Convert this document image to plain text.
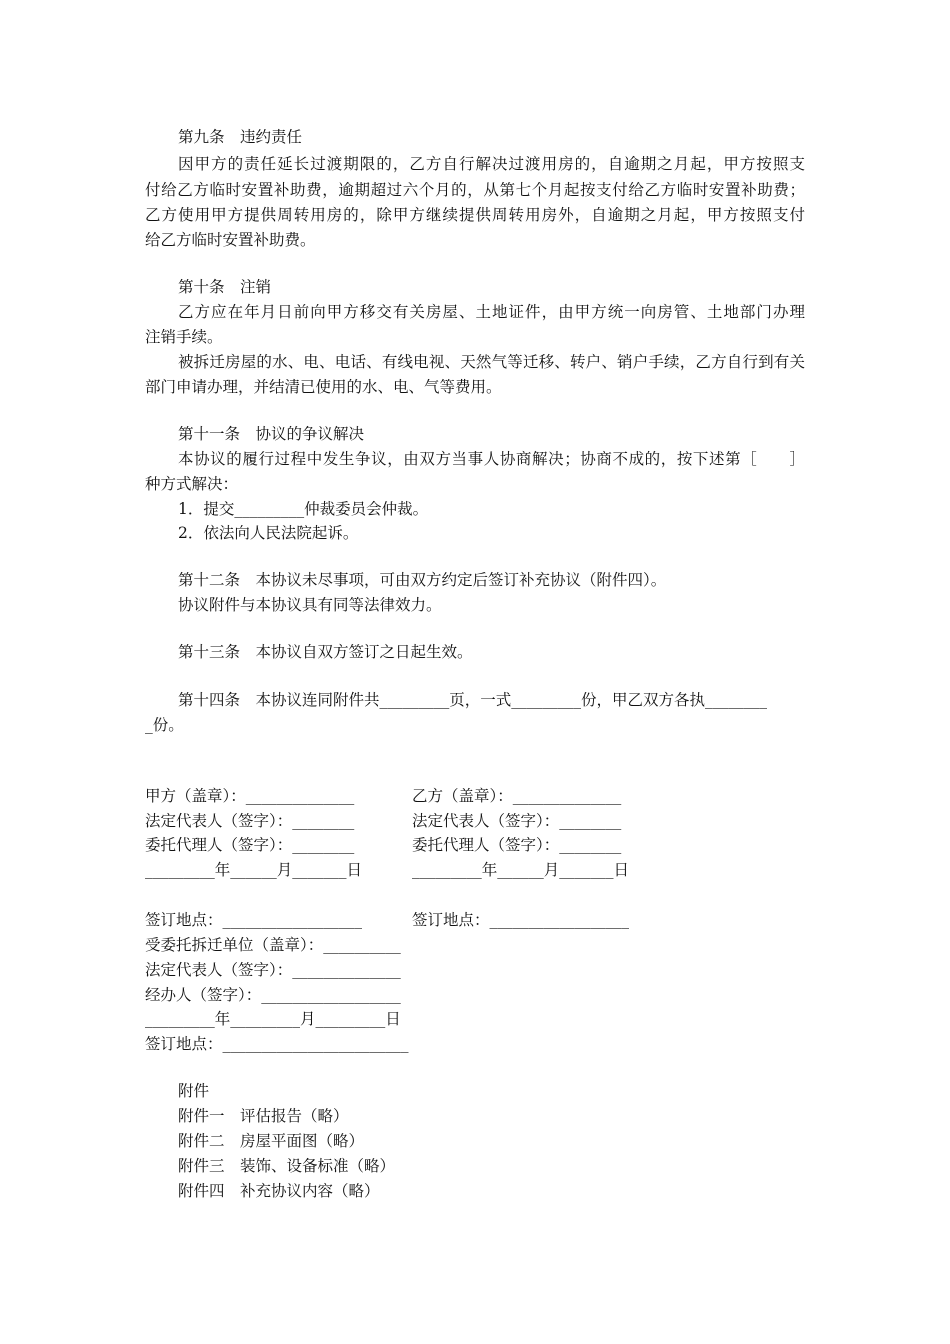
第九条　违约责任
因甲方的责任延长过渡期限的，乙方自行解决过渡用房的，自逾期之月起，甲方按照支
付给乙方临时安置补助费，逾期超过六个月的，从第七个月起按支付给乙方临时安置补助费；
乙方使用甲方提供周转用房的，除甲方继续提供周转用房外，自逾期之月起，甲方按照支付
给乙方临时安置补助费。
第十条　注销
乙方应在年月日前向甲方移交有关房屋、土地证件，由甲方统一向房管、土地部门办理
注销手续。
被拆迁房屋的水、电、电话、有线电视、天然气等迁移、转户、销户手续，乙方自行到有关
部门申请办理，并结清已使用的水、电、气等费用。
第十一条　协议的争议解决
本协议的履行过程中发生争议，由双方当事人协商解决；协商不成的，按下述第［　　］
种方式解决：
1．提交_________仲裁委员会仲裁。
2．依法向人民法院起诉。
第十二条　本协议未尽事项，可由双方约定后签订补充协议（附件四）。
协议附件与本协议具有同等法律效力。
第十三条　本协议自双方签订之日起生效。
第十四条　本协议连同附件共_________页，一式_________份，甲乙双方各执________
_份。
甲方（盖章）：______________	乙方（盖章）：______________
法定代表人（签字）：________	法定代表人（签字）：________
委托代理人（签字）：________	委托代理人（签字）：________
_________年______月_______日	_________年______月_______日
签订地点：__________________	签订地点：__________________
受委托拆迁单位（盖章）：__________
法定代表人（签字）：______________
经办人（签字）：__________________
_________年_________月_________日
签订地点：________________________
附件
附件一　评估报告（略）
附件二　房屋平面图（略）
附件三　装饰、设备标准（略）
附件四　补充协议内容（略）
